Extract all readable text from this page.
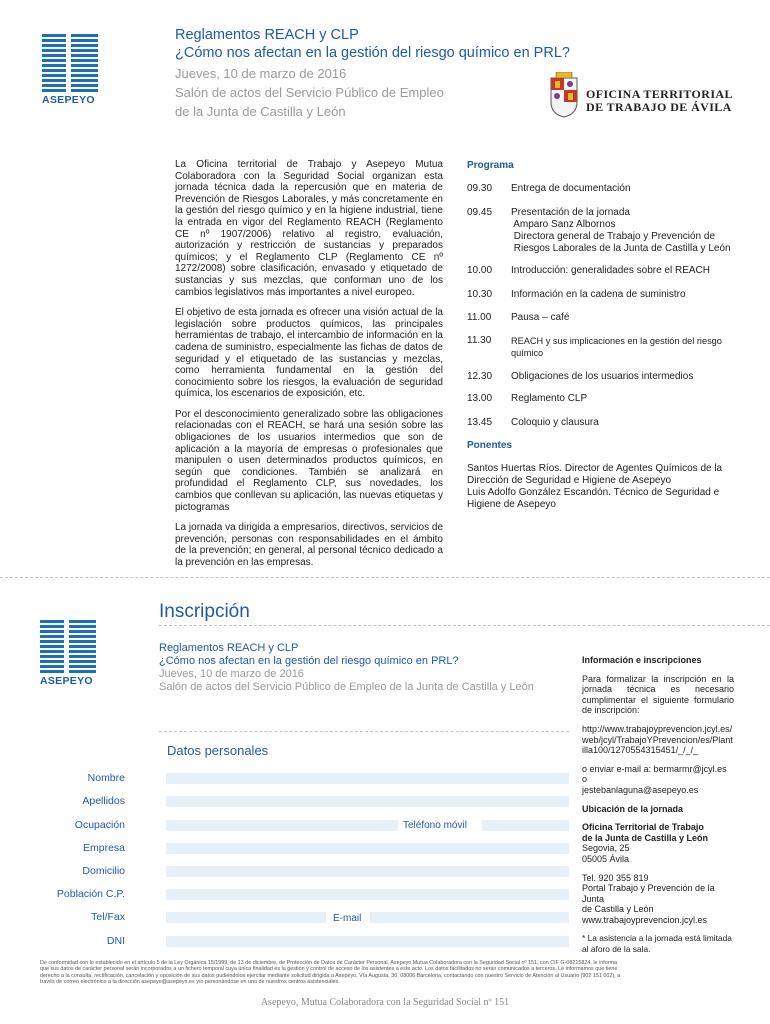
ASEPEYO
Reglamentos REACH y CLP
¿Cómo nos afectan en la gestión del riesgo químico en PRL?
Jueves, 10 de marzo de 2016
Salón de actos del Servicio Público de Empleo
de la Junta de Castilla y León
OFICINA TERRITORIAL
DE TRABAJO DE ÁVILA

La Oficina territorial de Trabajo y Asepeyo Mutua Colaboradora con la Seguridad Social organizan esta jornada técnica dada la repercusión que en materia de Prevención de Riesgos Laborales, y más concretamente en la gestión del riesgo químico y en la higiene industrial, tiene la entrada en vigor del Reglamento REACH (Reglamento CE nº 1907/2006) relativo al registro, evaluación, autorización y restricción de sustancias y preparados químicos; y el Reglamento CLP (Reglamento CE nº 1272/2008) sobre clasificación, envasado y etiquetado de sustancias y sus mezclas, que conforman uno de los cambios legislativos más importantes a nivel europeo.

El objetivo de esta jornada es ofrecer una visión actual de la legislación sobre productos químicos, las principales herramientas de trabajo, el intercambio de información en la cadena de suministro, especialmente las fichas de datos de seguridad y el etiquetado de las sustancias y mezclas, como herramienta fundamental en la gestión del conocimiento sobre los riesgos, la evaluación de seguridad química, los escenarios de exposición, etc.

Por el desconocimiento generalizado sobre las obligaciones relacionadas con el REACH, se hará una sesión sobre las obligaciones de los usuarios intermedios que son de aplicación a la mayoría de empresas o profesionales que manipulen o usen determinados productos químicos, en según que condiciones. También se analizará en profundidad el Reglamento CLP, sus novedades, los cambios que conllevan su aplicación, las nuevas etiquetas y pictogramas

La jornada va dirigida a empresarios, directivos, servicios de prevención, personas con responsabilidades en el ámbito de la prevención; en general, al personal técnico dedicado a la prevención en las empresas.

Programa
09.30 Entrega de documentación
09.45 Presentación de la jornada
Amparo Sanz Albornos
Directora general de Trabajo y Prevención de
Riesgos Laborales de la Junta de Castilla y León
10.00 Introducción: generalidades sobre el REACH
10.30 Información en la cadena de suministro
11.00 Pausa – café
11.30 REACH y sus implicaciones en la gestión del riesgo
químico
12.30 Obligaciones de los usuarios intermedios
13.00 Reglamento CLP
13.45 Coloquio y clausura
Ponentes
Santos Huertas Ríos. Director de Agentes Químicos de la
Dirección de Seguridad e Higiene de Asepeyo
Luis Adolfo González Escandón. Técnico de Seguridad e
Higiene de Asepeyo
Inscripción
ASEPEYO
Reglamentos REACH y CLP
¿Cómo nos afectan en la gestión del riesgo químico en PRL?
Jueves, 10 de marzo de 2016
Salón de actos del Servicio Público de Empleo de la Junta de Castilla y León
Datos personales
Nombre
Apellidos
Ocupación	Teléfono móvil
Empresa
Domicilio
Población C.P.
Tel/Fax	E-mail
DNI

Información e inscripciones

Para formalizar la inscripción en la jornada técnica es necesario cumplimentar el siguiente formulario de inscripción:

http://www.trabajoyprevencion.jcyl.es/
web/jcyl/TrabajoYPrevencion/es/Plant
illa100/1270554315451/_/_/_

o enviar e-mail a: bermarmr@jcyl.es o
jestebanlaguna@asepeyo.es

Ubicación de la jornada

Oficina Territorial de Trabajo
de la Junta de Castilla y León
Segovia, 25
05005 Ávila

Tel. 920 355 819
Portal Trabajo y Prevención de la Junta
de Castilla y León
www.trabajoyprevencion.jcyl.es

* La asistencia a la jornada está limitada
al aforo de la sala.

De conformidad con lo establecido en el artículo 5 de la Ley Orgánica 15/1999, de 13 de diciembre, de Protección de Datos de Carácter Personal, Asepeyo Mutua Colaboradora con la Seguridad Social nº 151, con CIF G-08215824, le informa
que sus datos de carácter personal serán incorporados a un fichero temporal cuya única finalidad es la gestión y control de acceso de los asistentes a este acto. Los datos facilitados no serán comunicados a terceros. Le informamos que tiene
derecho a la consulta, rectificación, cancelación y oposición de sus datos pudiéndolos ejercitar mediante solicitud dirigida a Asepeyo, Vía Augusta, 36, 08006 Barcelona, contactando con nuestro Servicio de Atención al Usuario (902 151 002), a
través de correo electrónico a la dirección asepeyo@asepeyo.es y/o personándose en uno de nuestros centros asistenciales.
Asepeyo, Mutua Colaboradora con la Seguridad Social nº 151
